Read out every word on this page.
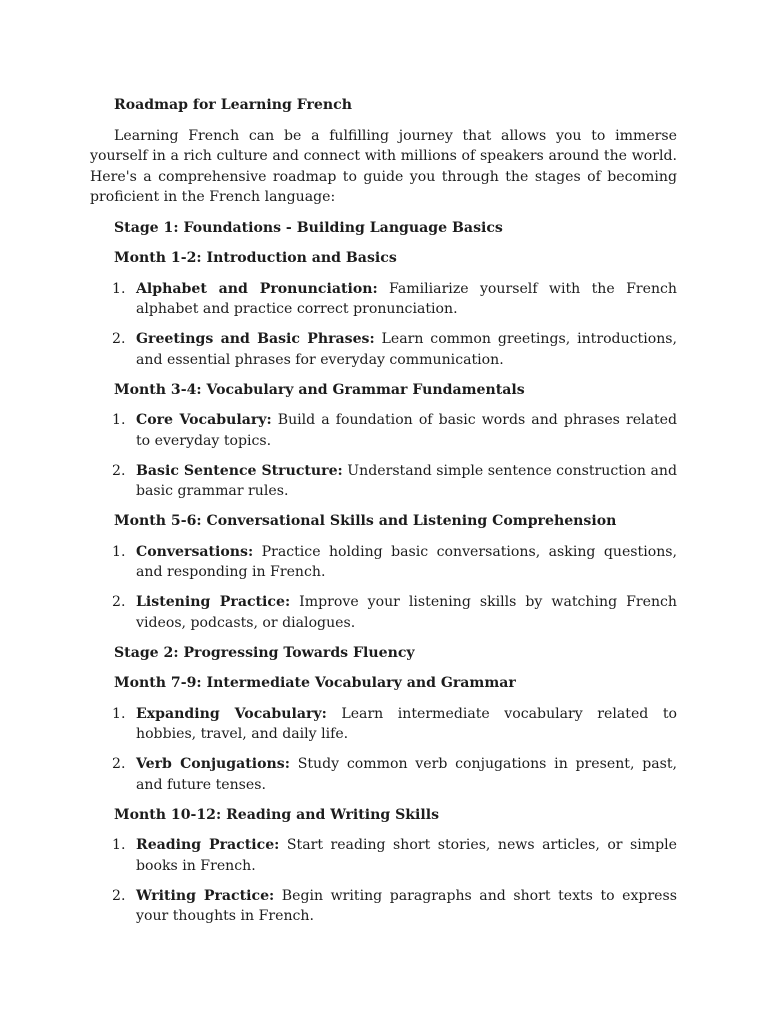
Roadmap for Learning French

Learning French can be a fulfilling journey that allows you to immerse yourself in a rich culture and connect with millions of speakers around the world. Here's a comprehensive roadmap to guide you through the stages of becoming proficient in the French language:

Stage 1: Foundations - Building Language Basics

Month 1-2: Introduction and Basics

1. Alphabet and Pronunciation: Familiarize yourself with the French alphabet and practice correct pronunciation.
2. Greetings and Basic Phrases: Learn common greetings, introductions, and essential phrases for everyday communication.

Month 3-4: Vocabulary and Grammar Fundamentals

1. Core Vocabulary: Build a foundation of basic words and phrases related to everyday topics.
2. Basic Sentence Structure: Understand simple sentence construction and basic grammar rules.

Month 5-6: Conversational Skills and Listening Comprehension

1. Conversations: Practice holding basic conversations, asking questions, and responding in French.
2. Listening Practice: Improve your listening skills by watching French videos, podcasts, or dialogues.

Stage 2: Progressing Towards Fluency

Month 7-9: Intermediate Vocabulary and Grammar

1. Expanding Vocabulary: Learn intermediate vocabulary related to hobbies, travel, and daily life.
2. Verb Conjugations: Study common verb conjugations in present, past, and future tenses.

Month 10-12: Reading and Writing Skills

1. Reading Practice: Start reading short stories, news articles, or simple books in French.
2. Writing Practice: Begin writing paragraphs and short texts to express your thoughts in French.
